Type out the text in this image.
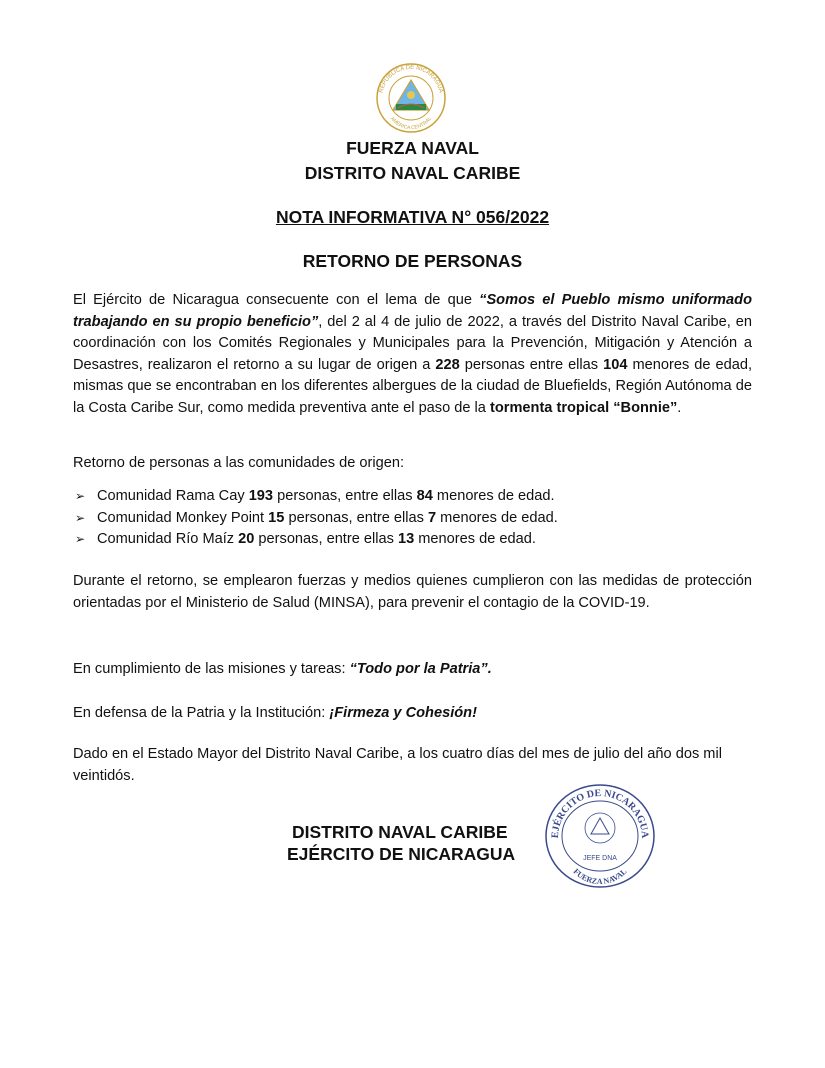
REPÚBLICA DE NICARAGUA
AMÉRICA CENTRAL
FUERZA NAVAL
DISTRITO NAVAL CARIBE
NOTA INFORMATIVA N° 056/2022
RETORNO DE PERSONAS
El Ejército de Nicaragua consecuente con el lema de que “Somos el Pueblo mismo uniformado trabajando en su propio beneficio”, del 2 al 4 de julio de 2022, a través del Distrito Naval Caribe, en coordinación con los Comités Regionales y Municipales para la Prevención, Mitigación y Atención a Desastres, realizaron el retorno a su lugar de origen a 228 personas entre ellas 104 menores de edad, mismas que se encontraban en los diferentes albergues de la ciudad de Bluefields, Región Autónoma de la Costa Caribe Sur, como medida preventiva ante el paso de la tormenta tropical “Bonnie”.
Retorno de personas a las comunidades de origen:
➢ Comunidad Rama Cay 193 personas, entre ellas 84 menores de edad.
➢ Comunidad Monkey Point 15 personas, entre ellas 7 menores de edad.
➢ Comunidad Río Maíz 20 personas, entre ellas 13 menores de edad.
Durante el retorno, se emplearon fuerzas y medios quienes cumplieron con las medidas de protección orientadas por el Ministerio de Salud (MINSA), para prevenir el contagio de la COVID-19.
En cumplimiento de las misiones y tareas: “Todo por la Patria”.
En defensa de la Patria y la Institución: ¡Firmeza y Cohesión!
Dado en el Estado Mayor del Distrito Naval Caribe, a los cuatro días del mes de julio del año dos mil veintidós.
DISTRITO NAVAL CARIBE
EJÉRCITO DE NICARAGUA
EJÉRCITO DE NICARAGUA
FUERZA NAVAL
JEFE DNA
